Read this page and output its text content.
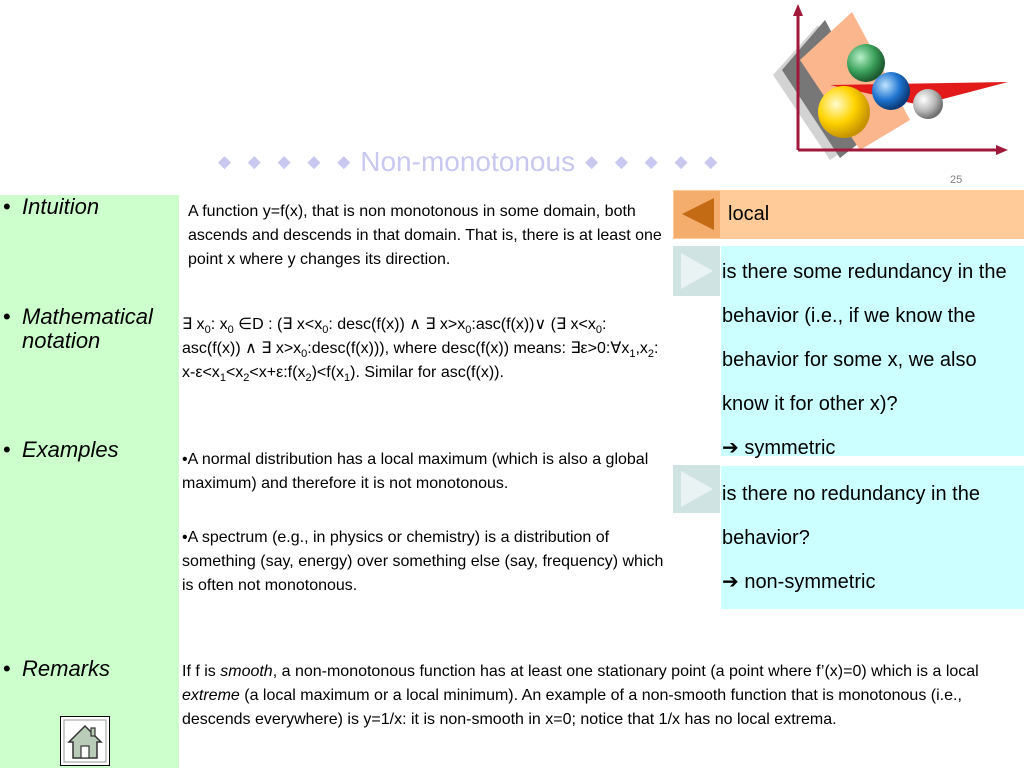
◆ ◆ ◆ ◆ ◆ Non-monotonous ◆ ◆ ◆ ◆ ◆
25
• Intuition
• Mathematical notation
• Examples
• Remarks
A function y=f(x), that is non monotonous in some domain, both ascends and descends in that domain. That is, there is at least one point x where y changes its direction.
∃ $x_0$: $x_0$ ∈D : (∃ $x<x_0$: desc(f(x)) ∧ ∃ $x>x_0:asc(f(x))\vee$ (∃ $x<x_0$: asc(f(x)) ∧ ∃ $x>x_0:desc(f(x))$), where desc(f(x)) means: $\exists\varepsilon>0:\forall x_1,x_2$: $x-\varepsilon<x_1<x_2<x+\varepsilon:f(x_2)<f(x_1)$. Similar for asc(f(x)).
•A normal distribution has a local maximum (which is also a global maximum) and therefore it is not monotonous.
•A spectrum (e.g., in physics or chemistry) is a distribution of something (say, energy) over something else (say, frequency) which is often not monotonous.
If f is smooth, a non-monotonous function has at least one stationary point (a point where f’(x)=0) which is a local extreme (a local maximum or a local minimum). An example of a non-smooth function that is monotonous (i.e., descends everywhere) is y=1/x: it is non-smooth in x=0; notice that 1/x has no local extrema.
local
is there some redundancy in the behavior (i.e., if we know the behavior for some x, we also know it for other x)?
➔ symmetric
is there no redundancy in the behavior?
➔ non-symmetric
